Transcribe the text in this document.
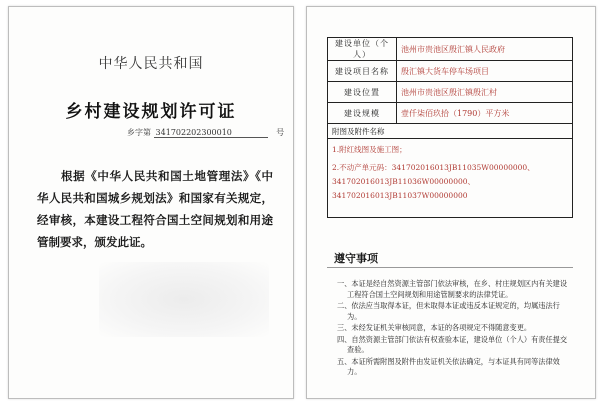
中华人民共和国
乡村建设规划许可证
乡字第 341702202300010	号
根据《中华人民共和国土地管理法》《中华人民共和国城乡规划法》和国家有关规定，经审核，本建设工程符合国土空间规划和用途管制要求，颁发此证。
建设单位（个人）	池州市贵池区殷汇镇人民政府
建设项目名称	殷汇镇大货车停车场项目
建设位置	池州市贵池区殷汇镇殷汇村
建设规模	壹仟柒佰玖拾（1790）平方米
附图及附件名称	

1.附红线图及施工图；
2.不动产单元码：341702016013JB11035W00000000、341702016013JB11036W00000000、341702016013JB11037W00000000	
遵守事项
一、本证是经自然资源主管部门依法审核，在乡、村庄规划区内有关建设工程符合国土空间规划和用途管制要求的法律凭证。
二、依法应当取得本证，但未取得本证或违反本证规定的，均属违法行为。
三、未经发证机关审核同意，本证的各项规定不得随意变更。
四、自然资源主管部门依法有权查验本证，建设单位（个人）有责任提交查验。
五、本证所需附图及附件由发证机关依法确定，与本证具有同等法律效力。
